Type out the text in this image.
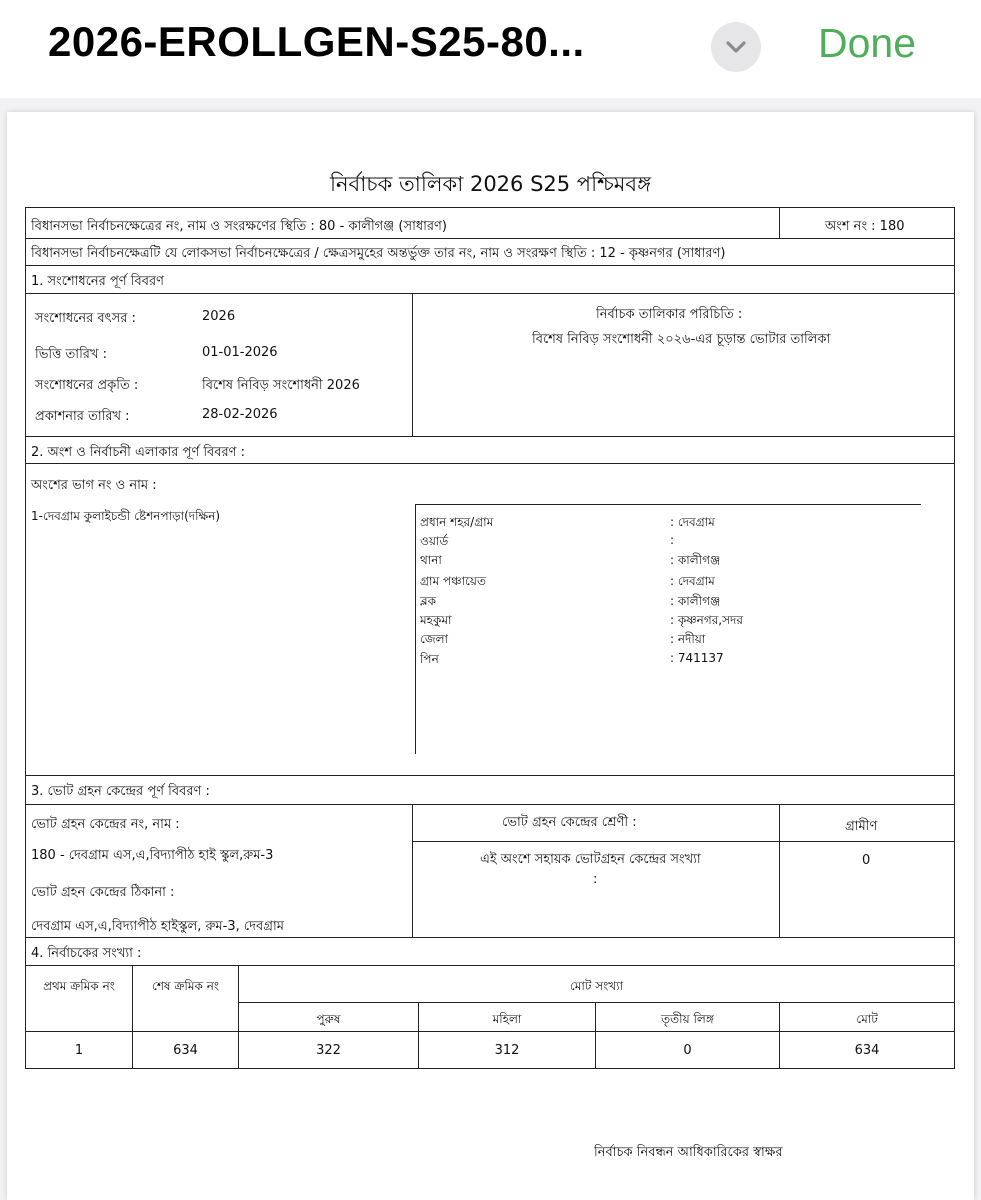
2026-EROLLGEN-S25-80...	Done
নির্বাচক তালিকা 2026 S25 পশ্চিমবঙ্গ
বিধানসভা নির্বাচনক্ষেত্রের নং, নাম ও সংরক্ষণের স্থিতি : 80 - কালীগঞ্জ (সাধারণ)	অংশ নং : 180
বিধানসভা নির্বাচনক্ষেত্রটি যে লোকসভা নির্বাচনক্ষেত্রের / ক্ষেত্রসমুহের অন্তর্ভুক্ত তার নং, নাম ও সংরক্ষণ স্থিতি : 12 - কৃষ্ণনগর (সাধারণ)
1. সংশোধনের পূর্ণ বিবরণ
সংশোধনের বৎসর :	2026
ভিত্তি তারিখ :	01-01-2026
সংশোধনের প্রকৃতি :	বিশেষ নিবিড় সংশোধনী 2026
প্রকাশনার তারিখ :	28-02-2026
নির্বাচক তালিকার পরিচিতি :
বিশেষ নিবিড় সংশোধনী ২০২৬-এর চূড়ান্ত ভোটার তালিকা
2. অংশ ও নির্বাচনী এলাকার পূর্ণ বিবরণ :
অংশের ভাগ নং ও নাম :
1-দেবগ্রাম কুলাইচন্ডী ষ্টেশনপাড়া(দক্ষিন)	প্রধান শহর/গ্রাম	: দেবগ্রাম
ওয়ার্ড	:
থানা	: কালীগঞ্জ
গ্রাম পঞ্চায়েত	: দেবগ্রাম
ব্লক	: কালীগঞ্জ
মহকুমা	: কৃষ্ণনগর,সদর
জেলা	: নদীয়া
পিন	: 741137
3. ভোট গ্রহন কেন্দ্রের পূর্ণ বিবরণ :
ভোট গ্রহন কেন্দ্রের নং, নাম :
180 - দেবগ্রাম এস,এ,বিদ্যাপীঠ হাই স্কুল,রুম-3
ভোট গ্রহন কেন্দ্রের ঠিকানা :
দেবগ্রাম এস,এ,বিদ্যাপীঠ হাইস্কুল, রুম-3, দেবগ্রাম
ভোট গ্রহন কেন্দ্রের শ্রেণী :	গ্রামীণ
এই অংশে সহায়ক ভোটগ্রহন কেন্দ্রের সংখ্যা
:
0
4. নির্বাচকের সংখ্যা :
প্রথম ক্রমিক নং	শেষ ক্রমিক নং	মোট সংখ্যা
পুরুষ	মহিলা	তৃতীয় লিঙ্গ	মোট
1	634	322	312	0	634
নির্বাচক নিবন্ধন আধিকারিকের স্বাক্ষর
